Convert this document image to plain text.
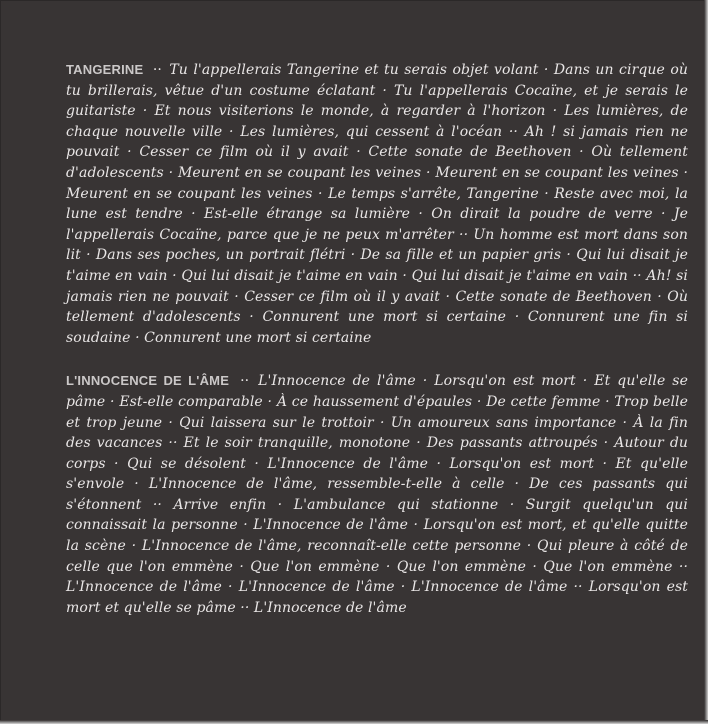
TANGERINE ·· Tu l'appellerais Tangerine et tu serais objet volant · Dans un cirque où tu brillerais, vêtue d'un costume éclatant · Tu l'appellerais Cocaïne, et je serais le guitariste · Et nous visiterions le monde, à regarder à l'horizon · Les lumières, de chaque nouvelle ville · Les lumières, qui cessent à l'océan ·· Ah ! si jamais rien ne pouvait · Cesser ce film où il y avait · Cette sonate de Beethoven · Où tellement d'adolescents · Meurent en se coupant les veines · Meurent en se coupant les veines · Meurent en se coupant les veines · Le temps s'arrête, Tangerine · Reste avec moi, la lune est tendre · Est-elle étrange sa lumière · On dirait la poudre de verre · Je l'appellerais Cocaïne, parce que je ne peux m'arrêter ·· Un homme est mort dans son lit · Dans ses poches, un portrait flétri · De sa fille et un papier gris · Qui lui disait je t'aime en vain · Qui lui disait je t'aime en vain · Qui lui disait je t'aime en vain ·· Ah! si jamais rien ne pouvait · Cesser ce film où il y avait · Cette sonate de Beethoven · Où tellement d'adolescents · Connurent une mort si certaine · Connurent une fin si soudaine · Connurent une mort si certaine

L'INNOCENCE DE L'ÂME ·· L'Innocence de l'âme · Lorsqu'on est mort · Et qu'elle se pâme · Est-elle comparable · À ce haussement d'épaules · De cette femme · Trop belle et trop jeune · Qui laissera sur le trottoir · Un amoureux sans importance · À la fin des vacances ·· Et le soir tranquille, monotone · Des passants attroupés · Autour du corps · Qui se désolent · L'Innocence de l'âme · Lorsqu'on est mort · Et qu'elle s'envole · L'Innocence de l'âme, ressemble-t-elle à celle · De ces passants qui s'étonnent ·· Arrive enfin · L'ambulance qui stationne · Surgit quelqu'un qui connaissait la personne · L'Innocence de l'âme · Lorsqu'on est mort, et qu'elle quitte la scène · L'Innocence de l'âme, reconnaît-elle cette personne · Qui pleure à côté de celle que l'on emmène · Que l'on emmène · Que l'on emmène · Que l'on emmène ·· L'Innocence de l'âme · L'Innocence de l'âme · L'Innocence de l'âme ·· Lorsqu'on est mort et qu'elle se pâme ·· L'Innocence de l'âme
